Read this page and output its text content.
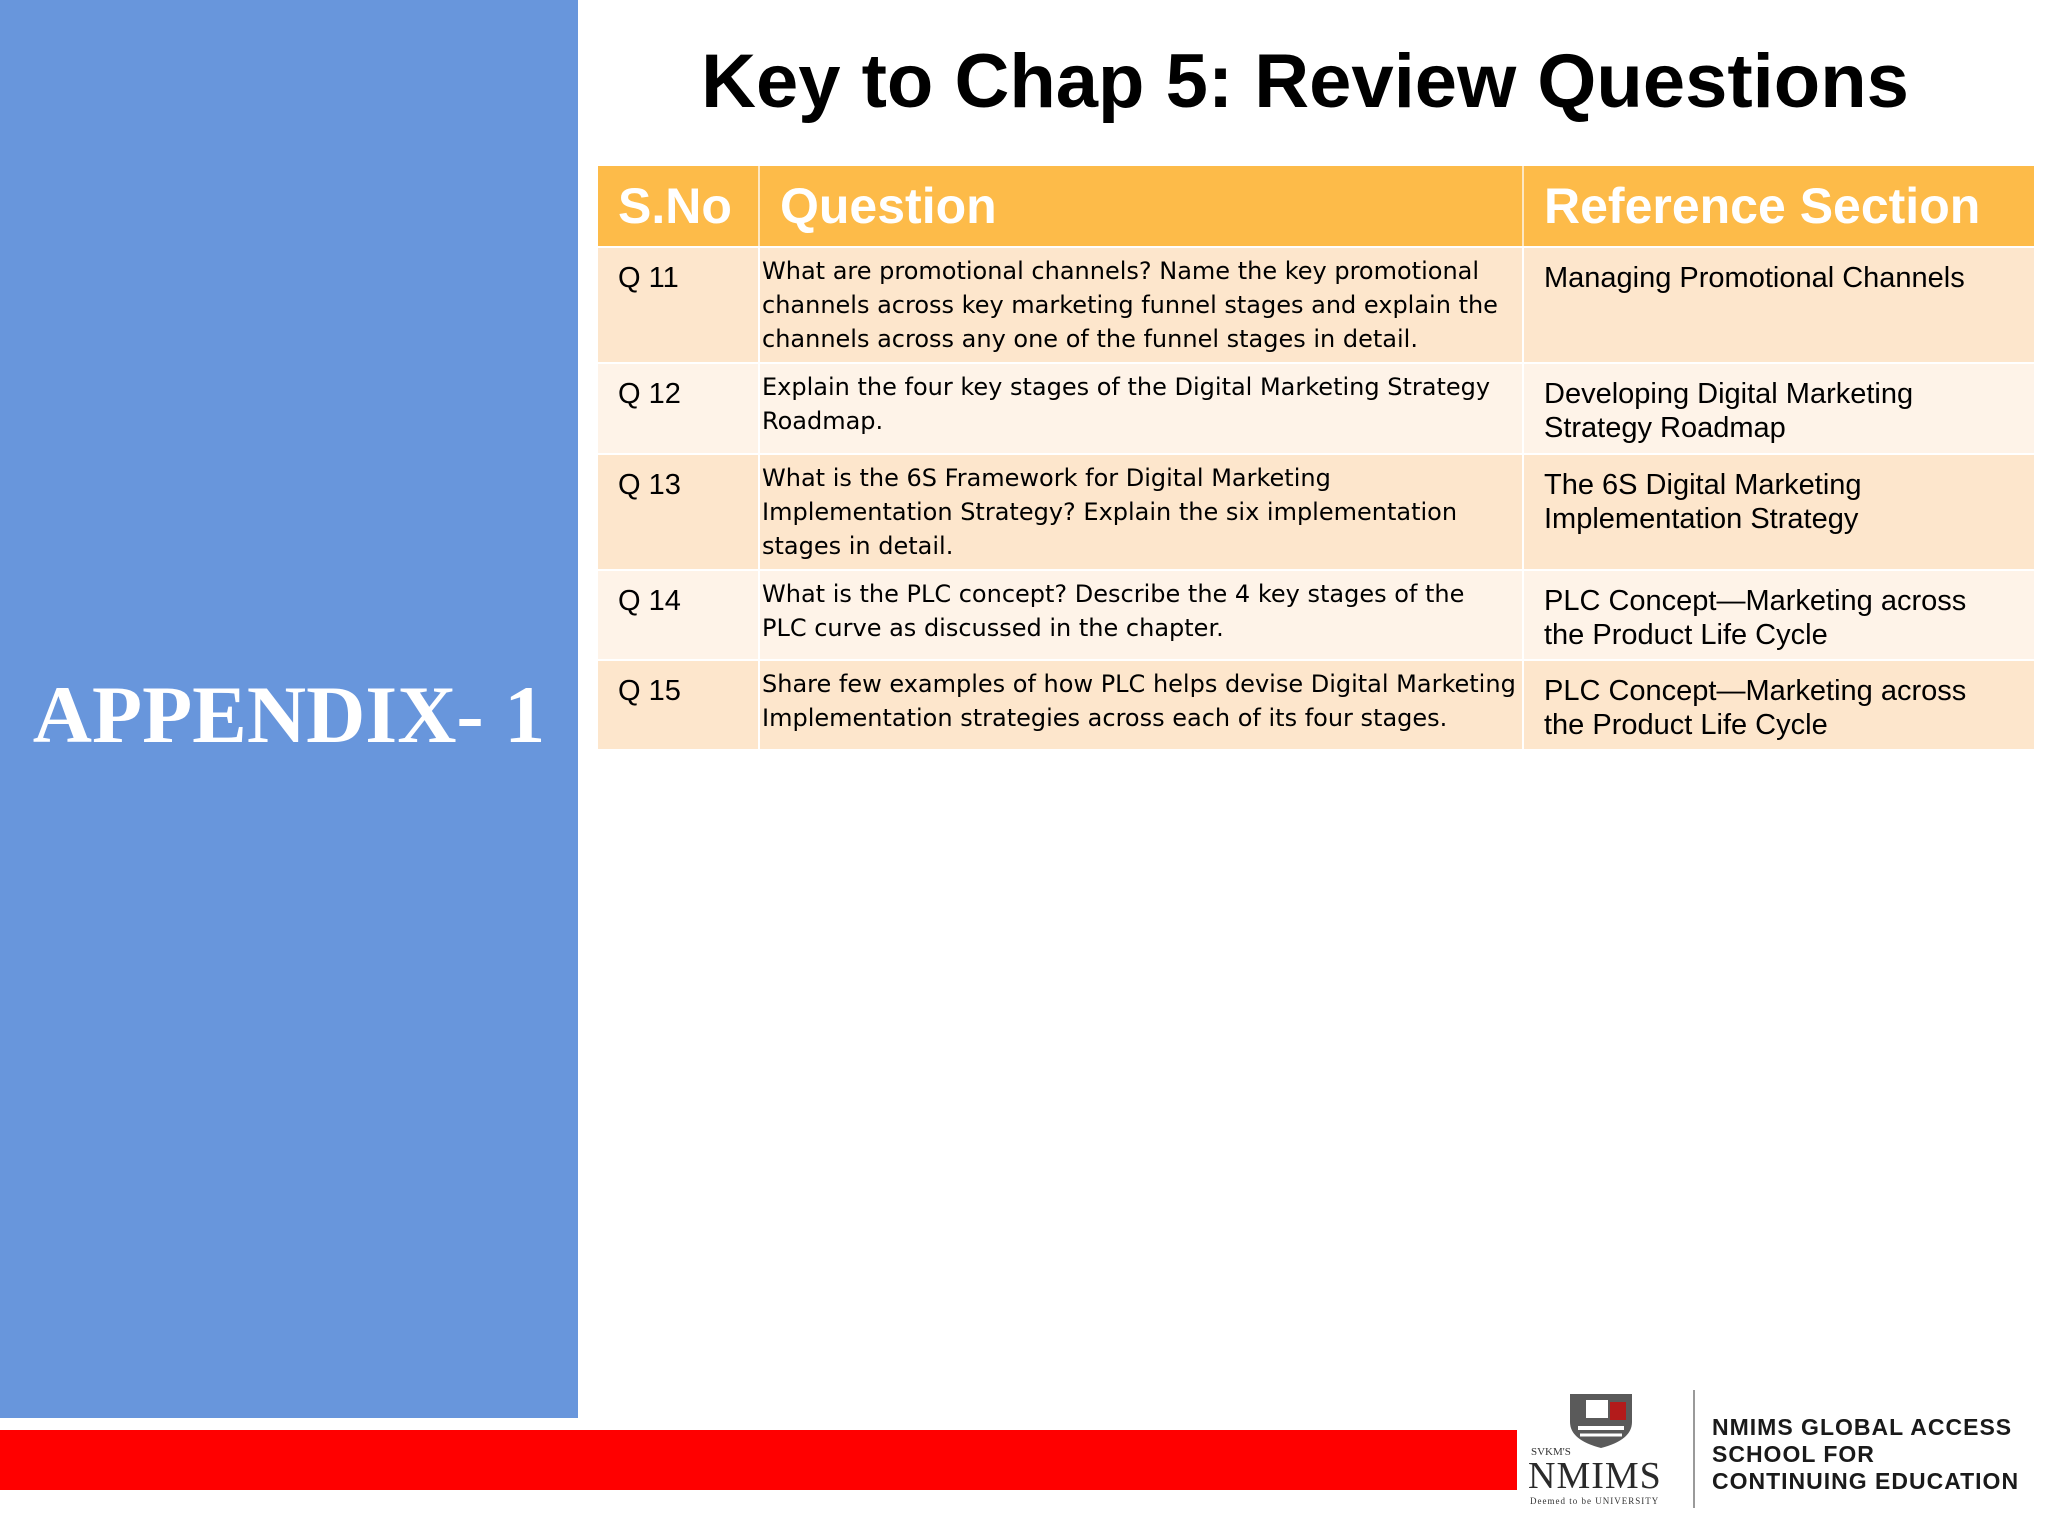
APPENDIX- 1
Key to Chap 5: Review Questions
S.No	Question	Reference Section
Q 11	What are promotional channels? Name the key promotional channels across key marketing funnel stages and explain the channels across any one of the funnel stages in detail.	Managing Promotional Channels
Q 12	Explain the four key stages of the Digital Marketing Strategy Roadmap.	Developing Digital Marketing Strategy Roadmap
Q 13	What is the 6S Framework for Digital Marketing Implementation Strategy? Explain the six implementation stages in detail.	The 6S Digital Marketing Implementation Strategy
Q 14	What is the PLC concept? Describe the 4 key stages of the PLC curve as discussed in the chapter.	PLC Concept—Marketing across the Product Life Cycle
Q 15	Share few examples of how PLC helps devise Digital Marketing Implementation strategies across each of its four stages.	PLC Concept—Marketing across the Product Life Cycle
SVKM'S
NMIMS
Deemed to be UNIVERSITY
NMIMS GLOBAL ACCESS
SCHOOL FOR
CONTINUING EDUCATION
